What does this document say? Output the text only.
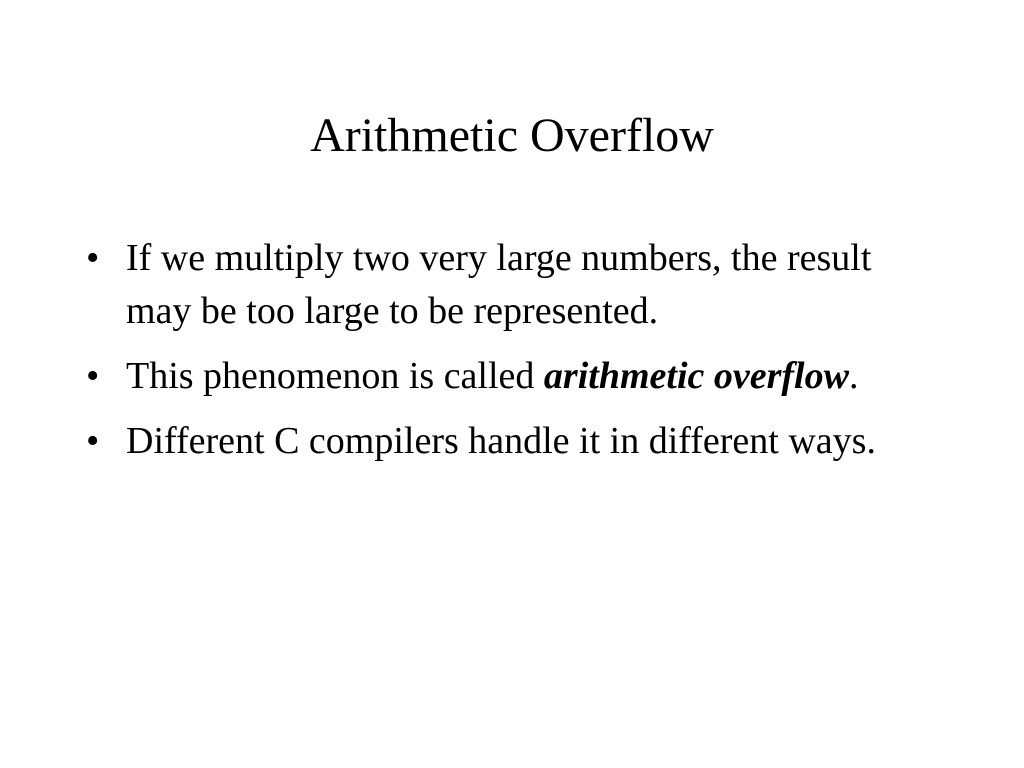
Arithmetic Overflow
• If we multiply two very large numbers, the result may be too large to be represented.
• This phenomenon is called arithmetic overflow.
• Different C compilers handle it in different ways.
